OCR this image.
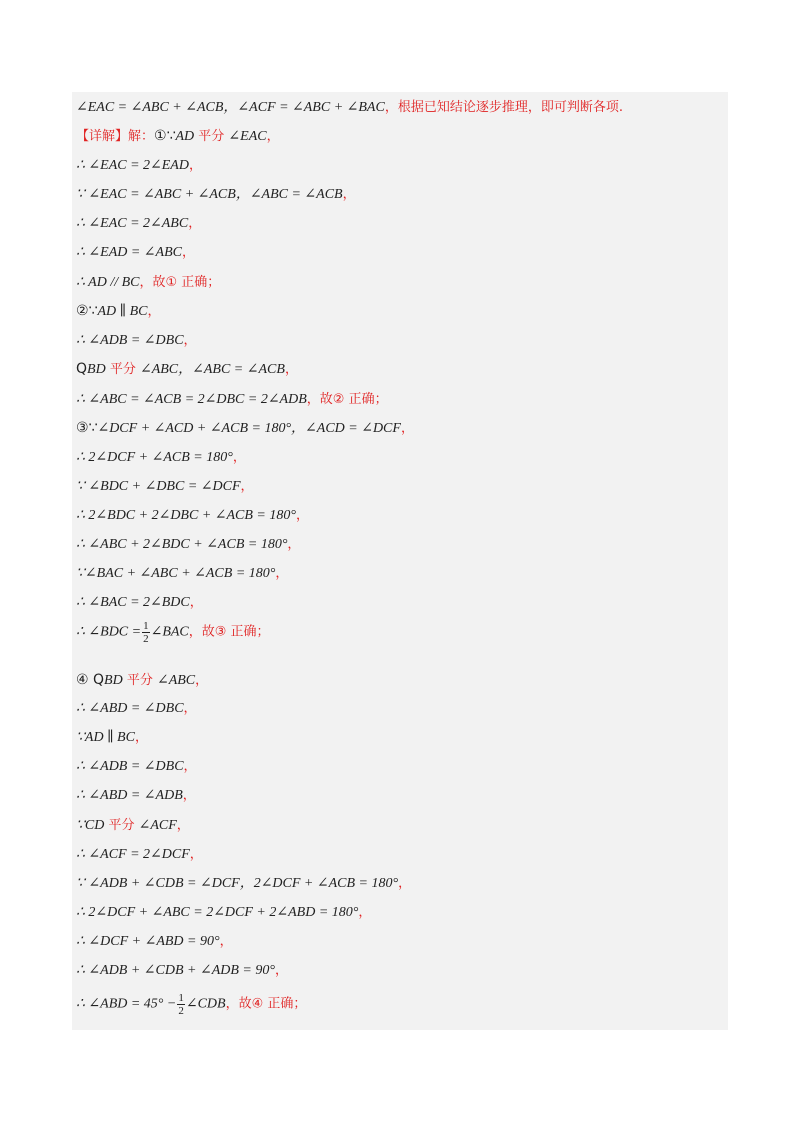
∠EAC = ∠ABC + ∠ACB，∠ACF = ∠ABC + ∠BAC，根据已知结论逐步推理，即可判断各项.
【详解】解：①∵AD 平分 ∠EAC，
∴ ∠EAC = 2∠EAD，
∵ ∠EAC = ∠ABC + ∠ACB，∠ABC = ∠ACB，
∴ ∠EAC = 2∠ABC，
∴ ∠EAD = ∠ABC，
∴ AD // BC，故① 正确；
②∵AD ∥ BC，
∴ ∠ADB = ∠DBC，
QBD 平分 ∠ABC，∠ABC = ∠ACB，
∴ ∠ABC = ∠ACB = 2∠DBC = 2∠ADB，故② 正确；
③∵∠DCF + ∠ACD + ∠ACB = 180°，∠ACD = ∠DCF，
∴ 2∠DCF + ∠ACB = 180°，
∵ ∠BDC + ∠DBC = ∠DCF，
∴ 2∠BDC + 2∠DBC + ∠ACB = 180°，
∴ ∠ABC + 2∠BDC + ∠ACB = 180°，
∵∠BAC + ∠ABC + ∠ACB = 180°，
∴ ∠BAC = 2∠BDC，
∴ ∠BDC = $\frac{1}{2}$ ∠BAC，故③ 正确；
④ QBD 平分 ∠ABC，
∴ ∠ABD = ∠DBC，
∵AD ∥ BC，
∴ ∠ADB = ∠DBC，
∴ ∠ABD = ∠ADB，
∵CD 平分 ∠ACF，
∴ ∠ACF = 2∠DCF，
∵ ∠ADB + ∠CDB = ∠DCF，2∠DCF + ∠ACB = 180°，
∴ 2∠DCF + ∠ABC = 2∠DCF + 2∠ABD = 180°，
∴ ∠DCF + ∠ABD = 90°，
∴ ∠ADB + ∠CDB + ∠ADB = 90°，
∴ ∠ABD = $45^\circ - \frac{1}{2}$ ∠CDB，故④ 正确；
